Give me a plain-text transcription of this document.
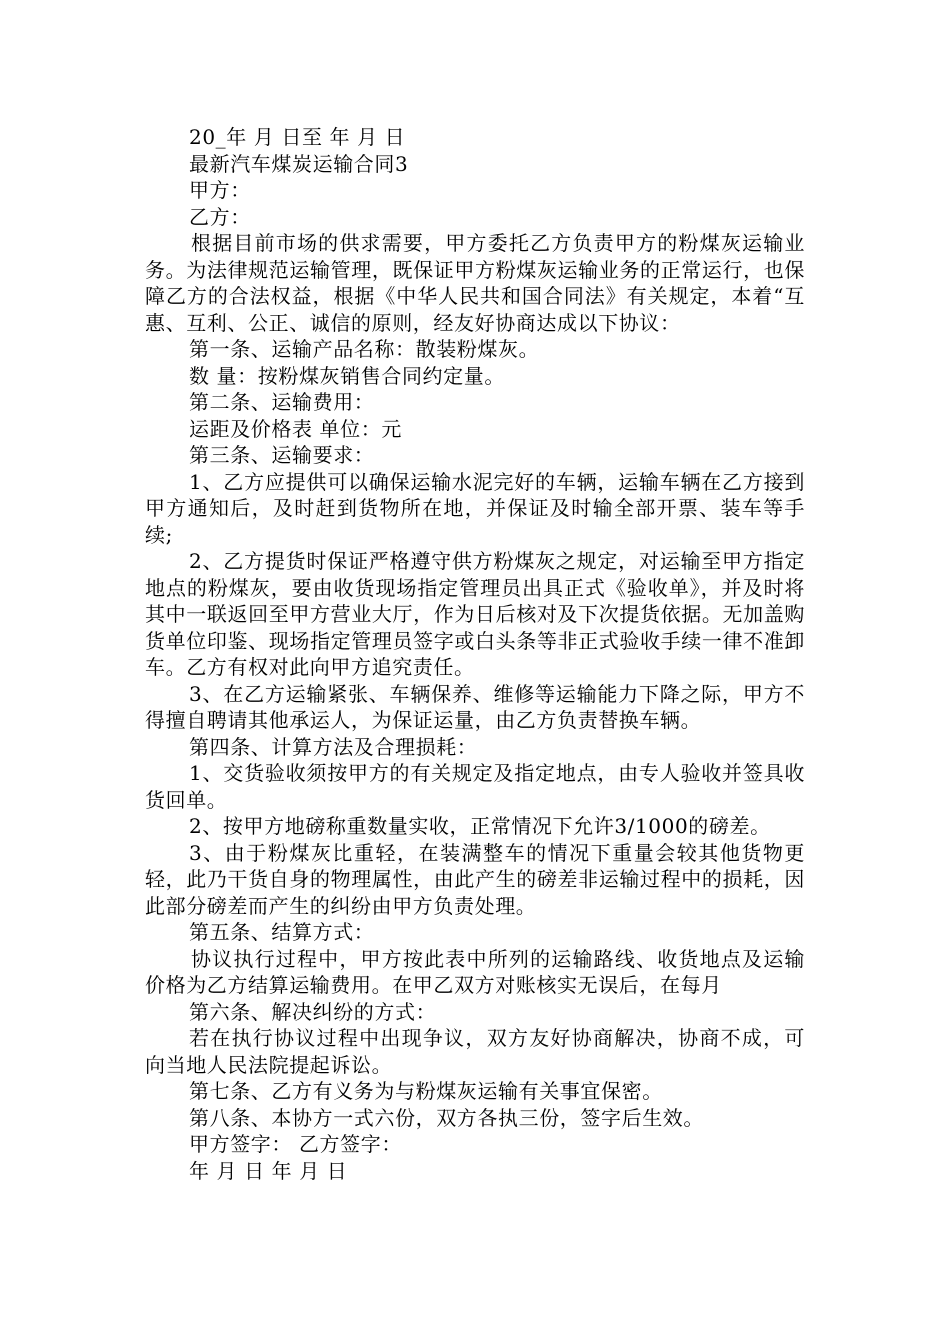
20_年 月 日至 年 月 日

最新汽车煤炭运输合同3

甲方：

乙方：

根据目前市场的供求需要，甲方委托乙方负责甲方的粉煤灰运输业务。为法律规范运输管理，既保证甲方粉煤灰运输业务的正常运行，也保障乙方的合法权益，根据《中华人民共和国合同法》有关规定，本着“互惠、互利、公正、诚信的原则，经友好协商达成以下协议：

第一条、运输产品名称：散装粉煤灰。

数 量：按粉煤灰销售合同约定量。

第二条、运输费用：

运距及价格表 单位：元

第三条、运输要求：

1、乙方应提供可以确保运输水泥完好的车辆，运输车辆在乙方接到甲方通知后，及时赶到货物所在地，并保证及时输全部开票、装车等手续;

2、乙方提货时保证严格遵守供方粉煤灰之规定，对运输至甲方指定地点的粉煤灰，要由收货现场指定管理员出具正式《验收单》，并及时将其中一联返回至甲方营业大厅，作为日后核对及下次提货依据。无加盖购货单位印鉴、现场指定管理员签字或白头条等非正式验收手续一律不准卸车。乙方有权对此向甲方追究责任。

3、在乙方运输紧张、车辆保养、维修等运输能力下降之际，甲方不得擅自聘请其他承运人，为保证运量，由乙方负责替换车辆。

第四条、计算方法及合理损耗：

1、交货验收须按甲方的有关规定及指定地点，由专人验收并签具收货回单。

2、按甲方地磅称重数量实收，正常情况下允许3/1000的磅差。

3、由于粉煤灰比重轻，在装满整车的情况下重量会较其他货物更轻，此乃干货自身的物理属性，由此产生的磅差非运输过程中的损耗，因此部分磅差而产生的纠纷由甲方负责处理。

第五条、结算方式：

协议执行过程中，甲方按此表中所列的运输路线、收货地点及运输价格为乙方结算运输费用。在甲乙双方对账核实无误后，在每月

第六条、解决纠纷的方式：

若在执行协议过程中出现争议，双方友好协商解决，协商不成，可向当地人民法院提起诉讼。

第七条、乙方有义务为与粉煤灰运输有关事宜保密。

第八条、本协方一式六份，双方各执三份，签字后生效。

甲方签字： 乙方签字：

年 月 日 年 月 日
